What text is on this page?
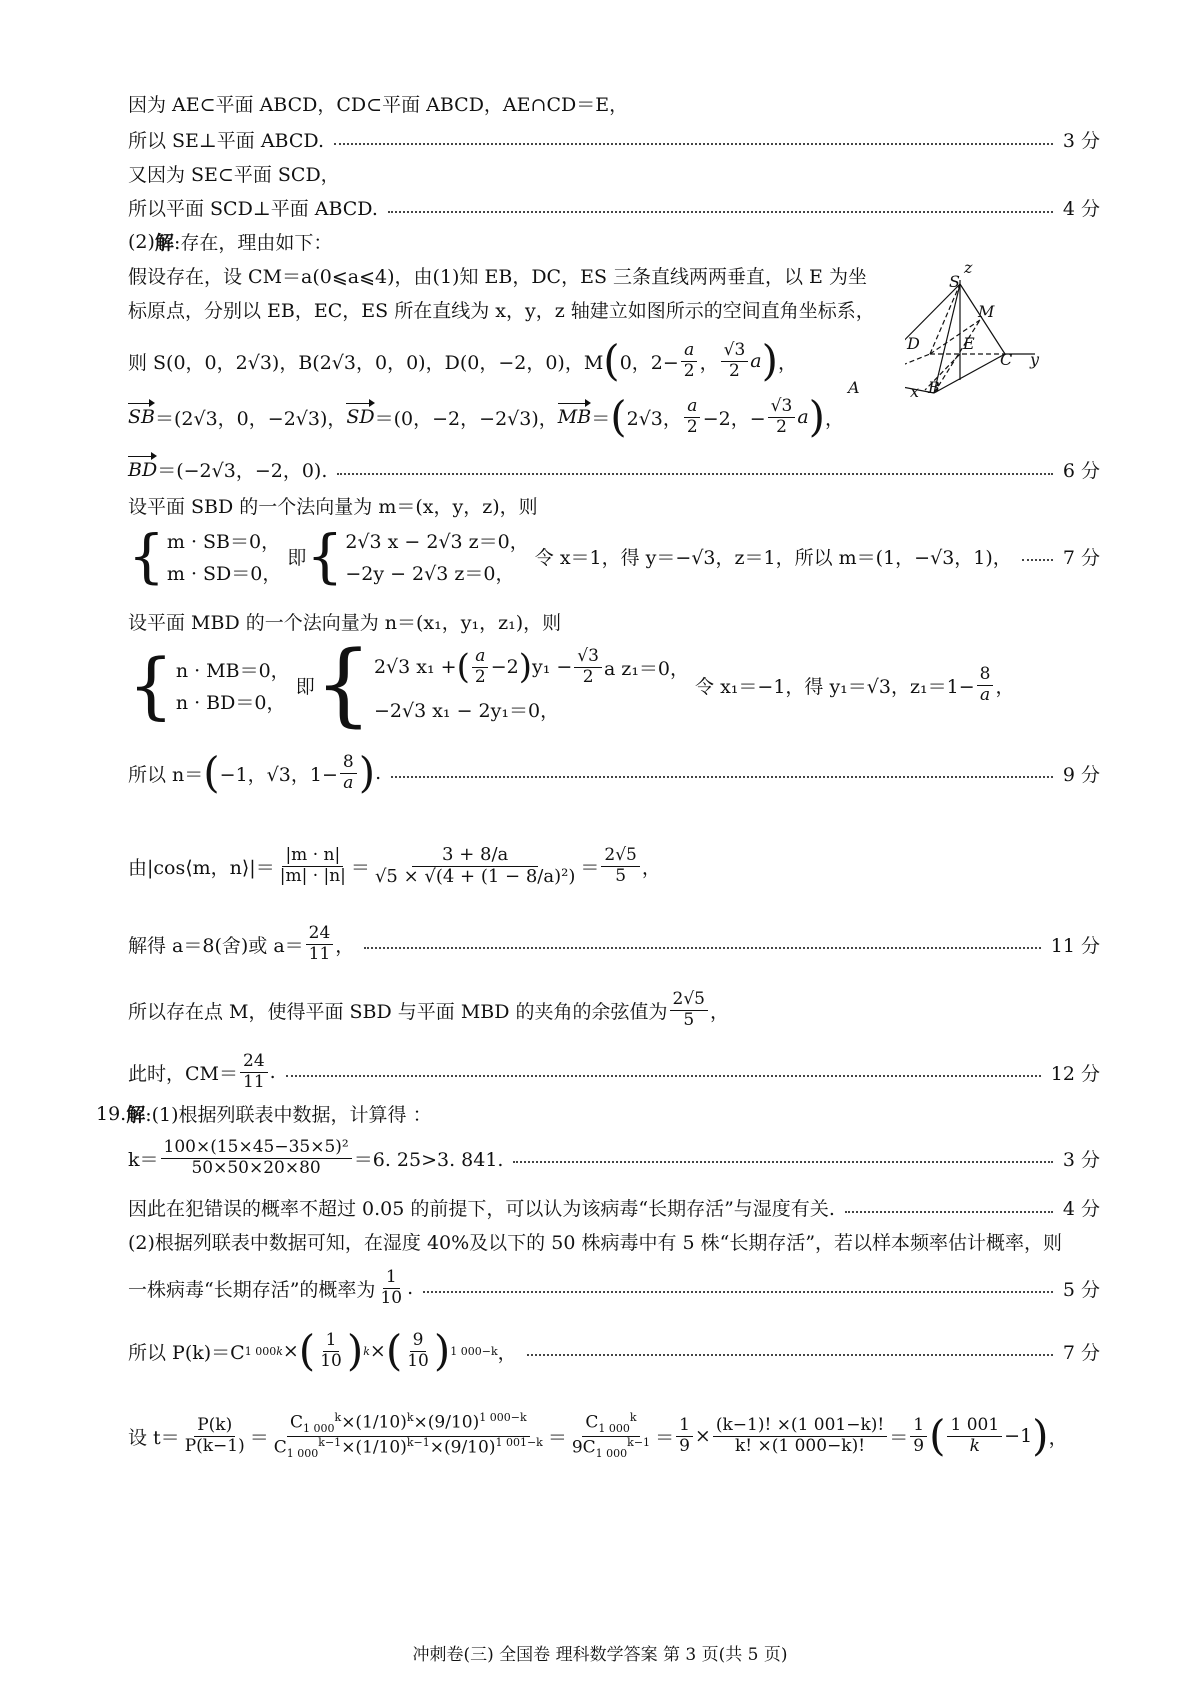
因为 AE⊂平面 ABCD，CD⊂平面 ABCD，AE∩CD＝E，
所以 SE⊥平面 ABCD.	3 分
又因为 SE⊂平面 SCD，
所以平面 SCD⊥平面 ABCD.	4 分
(2) 解 :存在，理由如下：
假设存在，设 CM＝a(0⩽a⩽4)，由(1)知 EB，DC，ES 三条直线两两垂直，以 E 为坐
标原点，分别以 EB，EC，ES 所在直线为 x，y，z 轴建立如图所示的空间直角坐标系，
则 S(0，0，2√3)，B(2√3，0，0)，D(0，−2，0)，M ( 0，$2- \frac{a}{2}$ ， $\frac{√3}{2}$ a ) ，
SB ＝(2√3，0，−2√3)， SD ＝(0，−2，−2√3)， MB ＝ ( 2√3， $\frac{a}{2} -2$，− $\frac{√3}{2}$ a ) ，
BD ＝(−2√3，−2，0).	6 分
设平面 SBD 的一个法向量为 m＝(x，y，z)，则
{ m · SB＝0，
m · SD＝0，
即 { 2√3 x − 2√3 z＝0，
−2y − 2√3 z＝0，
令 x＝1，得 y＝−√3，z＝1，所以 m＝(1，−√3，1)，	7 分
设平面 MBD 的一个法向量为 n＝(x₁，y₁，z₁)，则
{ n · MB＝0，
n · BD＝0，
即 { 2√3 x₁ + ( $\frac{a}{2} -2$ ) $y_1 - \frac{√3}{2}$ a z₁＝0，
−2√3 x₁ − 2y₁＝0，
令 x₁＝−1，得 y₁＝√3，$z_1=1- \frac{8}{a}$ ，
所以 n＝ ( −1，√3，$1- \frac{8}{a}$ ) .	9 分
由|cos⟨m，n⟩|＝ $\frac{|m \cdot n|}{|m| \cdot |n|} = \frac{3 + 8/a}{\text{√5 × √(4 + (1 − 8/a)²)}} = \frac{2√5}{5}$ ，
解得 a＝8(舍)或 $a= \frac{24}{11}$ ，	11 分
所以存在点 M，使得平面 SBD 与平面 MBD 的夹角的余弦值为 $\frac{2√5}{5}$ ，
此时，$CM= \frac{24}{11}$ .	12 分
19. 解 :(1)根据列联表中数据，计算得 ：
$k= \frac{\text{100×(15×45−35×5)²}}{50\times 50\times 20\times 80} =6$. 25>3. 841.	3 分
因此在犯错误的概率不超过 0.05 的前提下，可以认为该病毒“长期存活”与湿度有关.	4 分
(2)根据列联表中数据可知，在湿度 40%及以下的 50 株病毒中有 5 株“长期存活”，若以样本频率估计概率，则
一株病毒“长期存活”的概率为 $\frac{1}{10}$ .	5 分
所以 P(k)＝C 1 000 k × ( $\frac{1}{10}$ ) k × ( $\frac{9}{10}$ ) 1 000−k ，	7 分
设 $t= \frac{P(k)}{P(k-1)} = \frac{C_{1 000}^k\times(1/10)^k\times(9/10)^{1 000-k}}{C_{1 000}^{k-1}\times(1/10)^{k-1}\times(9/10)^{1 001-k}} = \frac{C_{1 000}^k}{9C_{1 000}^{k-1}} = \frac{1}{9} \times \frac{(k-1)! \times(1 001-k)!}{k! \times(1 000-k)!} = \frac{1}{9}$ ( $\frac{1 001}{k} -1$ ) ，
S
z
M
D	E
C y
A	x B
冲刺卷(三) 全国卷 理科数学答案 第 3 页(共 5 页)
